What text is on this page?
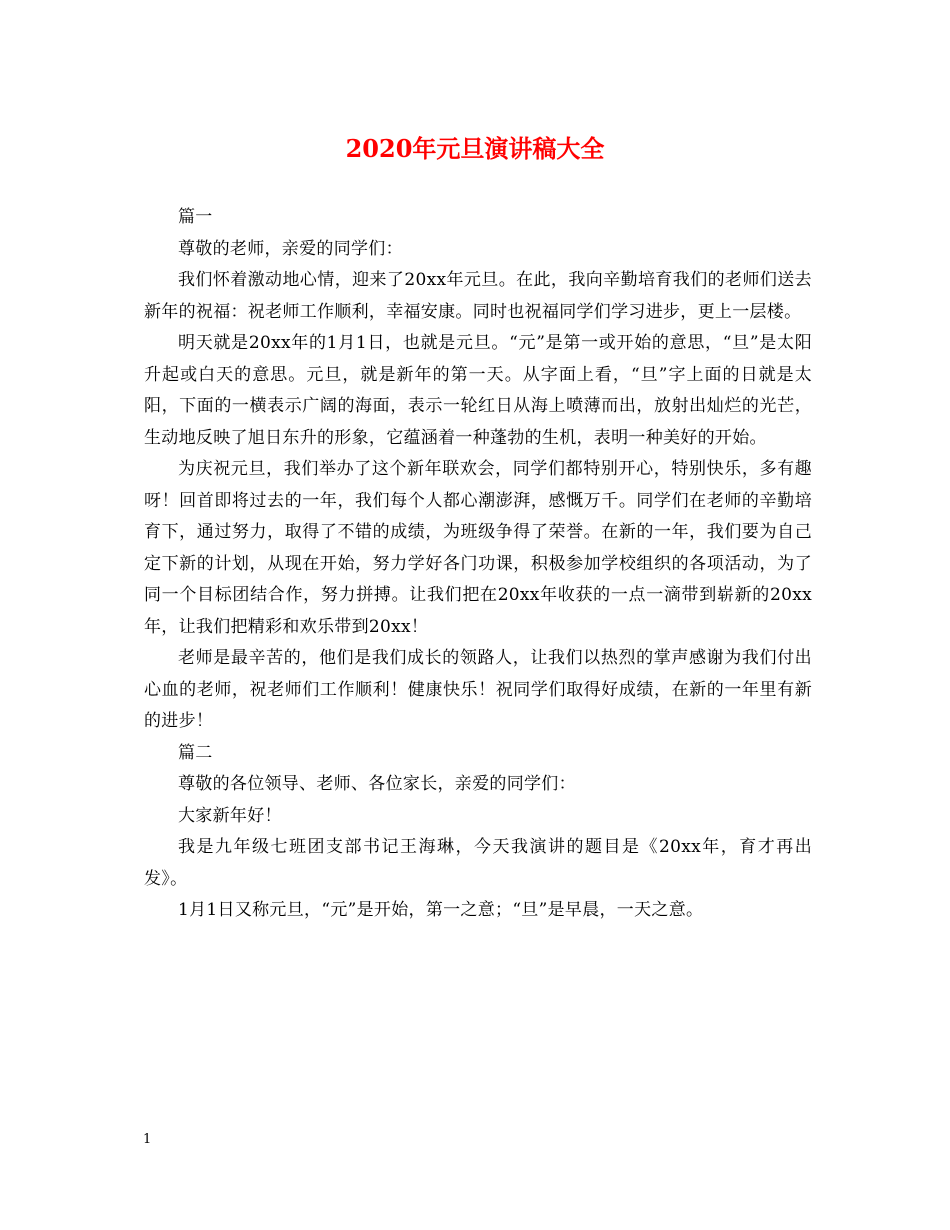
2020年元旦演讲稿大全

篇一

尊敬的老师，亲爱的同学们：

我们怀着激动地心情，迎来了20xx年元旦。在此，我向辛勤培育我们的老师们送去新年的祝福：祝老师工作顺利，幸福安康。同时也祝福同学们学习进步，更上一层楼。

明天就是20xx年的1月1日，也就是元旦。“元”是第一或开始的意思，“旦”是太阳升起或白天的意思。元旦，就是新年的第一天。从字面上看，“旦”字上面的日就是太阳，下面的一横表示广阔的海面，表示一轮红日从海上喷薄而出，放射出灿烂的光芒，生动地反映了旭日东升的形象，它蕴涵着一种蓬勃的生机，表明一种美好的开始。

为庆祝元旦，我们举办了这个新年联欢会，同学们都特别开心，特别快乐，多有趣呀！回首即将过去的一年，我们每个人都心潮澎湃，感慨万千。同学们在老师的辛勤培育下，通过努力，取得了不错的成绩，为班级争得了荣誉。在新的一年，我们要为自己定下新的计划，从现在开始，努力学好各门功课，积极参加学校组织的各项活动，为了同一个目标团结合作，努力拼搏。让我们把在20xx年收获的一点一滴带到崭新的20xx年，让我们把精彩和欢乐带到20xx！

老师是最辛苦的，他们是我们成长的领路人，让我们以热烈的掌声感谢为我们付出心血的老师，祝老师们工作顺利！健康快乐！祝同学们取得好成绩，在新的一年里有新的进步！

篇二

尊敬的各位领导、老师、各位家长，亲爱的同学们：

大家新年好！

我是九年级七班团支部书记王海琳，今天我演讲的题目是《20xx年，育才再出发》。

1月1日又称元旦，“元”是开始，第一之意；“旦”是早晨，一天之意。

1
